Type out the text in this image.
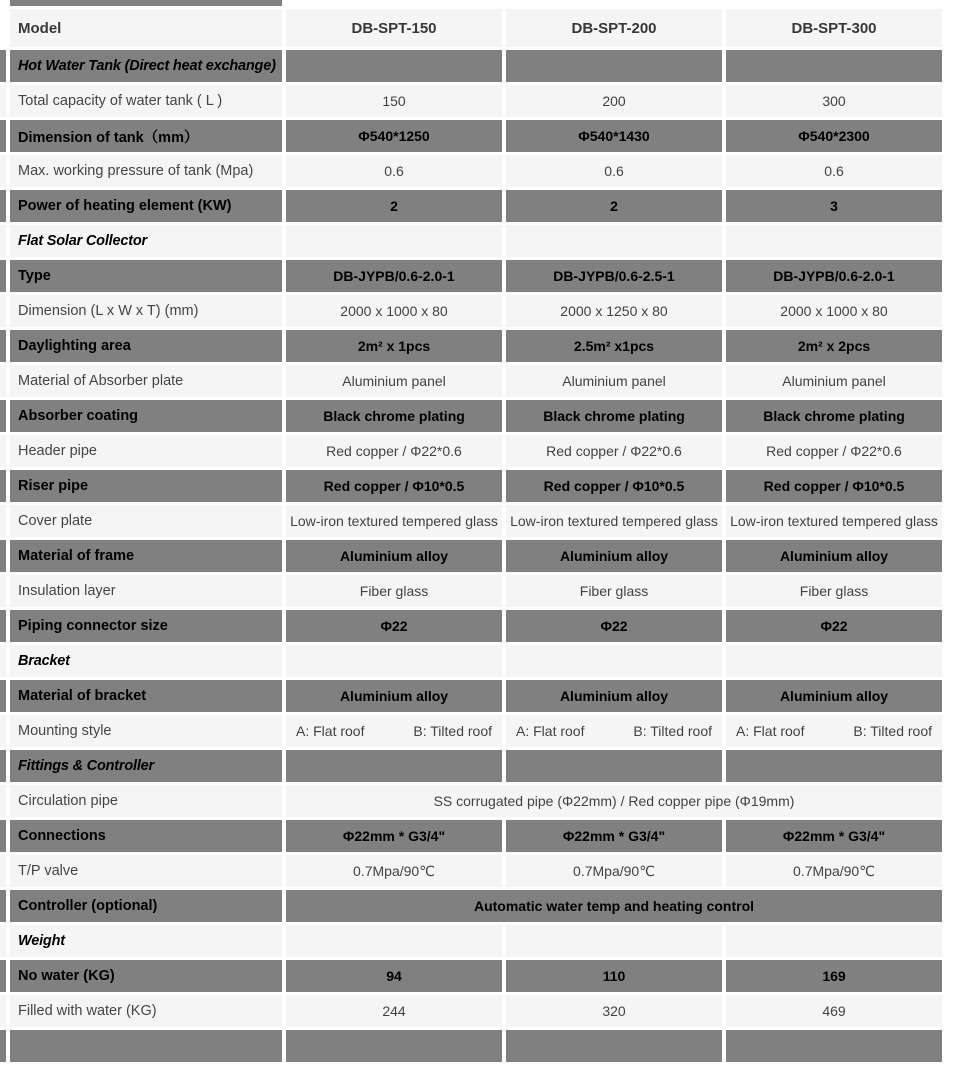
	Model	DB-SPT-150	DB-SPT-200	DB-SPT-300
	Hot Water Tank (Direct heat exchange)			
	Total capacity of water tank ( L )	150	200	300
	Dimension of tank（mm）	Φ540*1250	Φ540*1430	Φ540*2300
	Max. working pressure of tank (Mpa)	0.6	0.6	0.6
	Power of heating element (KW)	2	2	3
	Flat Solar Collector			
	Type	DB-JYPB/0.6-2.0-1	DB-JYPB/0.6-2.5-1	DB-JYPB/0.6-2.0-1
	Dimension (L x W x T) (mm)	2000 x 1000 x 80	2000 x 1250 x 80	2000 x 1000 x 80
	Daylighting area	2m² x 1pcs	2.5m² x1pcs	2m² x 2pcs
	Material of Absorber plate	Aluminium panel	Aluminium panel	Aluminium panel
	Absorber coating	Black chrome plating	Black chrome plating	Black chrome plating
	Header pipe	Red copper / Φ22*0.6	Red copper / Φ22*0.6	Red copper / Φ22*0.6
	Riser pipe	Red copper / Φ10*0.5	Red copper / Φ10*0.5	Red copper / Φ10*0.5
	Cover plate	Low-iron textured tempered glass	Low-iron textured tempered glass	Low-iron textured tempered glass
	Material of frame	Aluminium alloy	Aluminium alloy	Aluminium alloy
	Insulation layer	Fiber glass	Fiber glass	Fiber glass
	Piping connector size	Φ22	Φ22	Φ22
	Bracket			
	Material of bracket	Aluminium alloy	Aluminium alloy	Aluminium alloy
	Mounting style	A: Flat roof B: Tilted roof	A: Flat roof B: Tilted roof	A: Flat roof B: Tilted roof

	Fittings & Controller			
	Circulation pipe	SS corrugated pipe (Φ22mm) / Red copper pipe (Φ19mm)		
	Connections	Φ22mm * G3/4"	Φ22mm * G3/4"	Φ22mm * G3/4"
	T/P valve	0.7Mpa/90℃	0.7Mpa/90℃	0.7Mpa/90℃
	Controller (optional)	Automatic water temp and heating control		
	Weight			
	No water (KG)	94	110	169
	Filled with water (KG)	244	320	469
